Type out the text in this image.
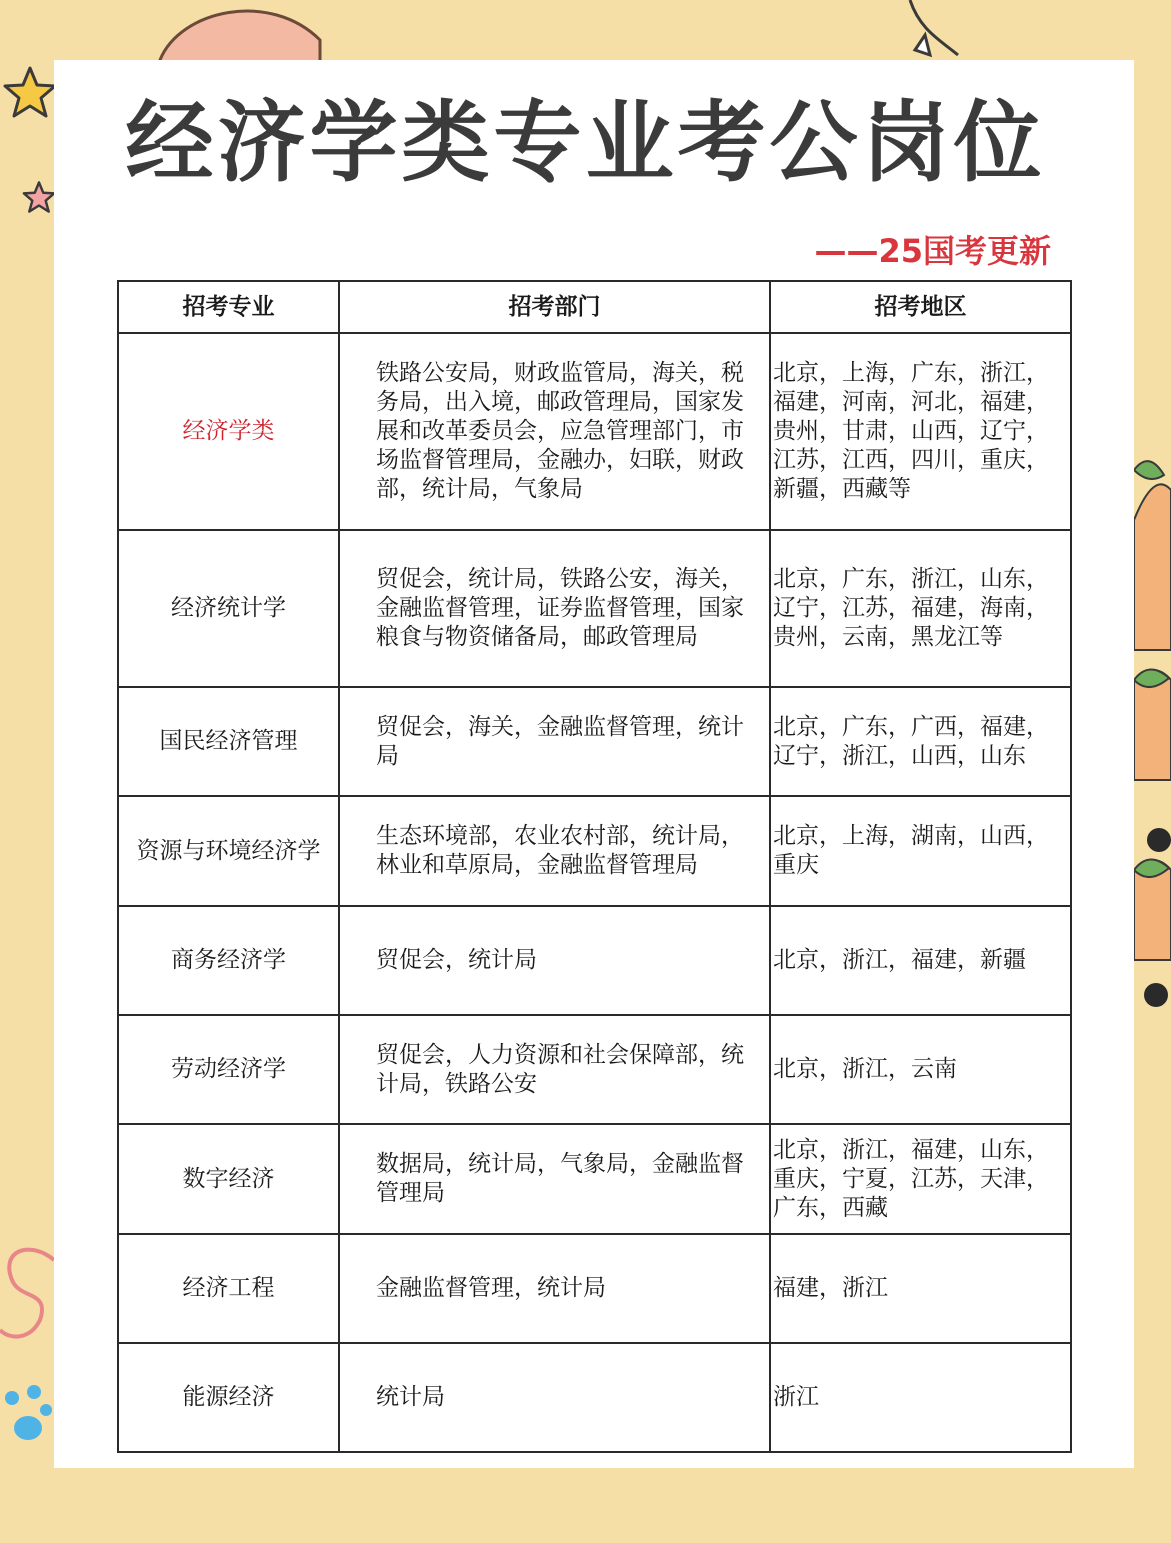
经济学类专业考公岗位
——25国考更新
招考专业	招考部门	招考地区
经济学类	铁路公安局，财政监管局，海关，税务局，出入境，邮政管理局，国家发展和改革委员会，应急管理部门，市场监督管理局，金融办，妇联，财政部，统计局，气象局	北京，上海，广东，浙江，福建，河南，河北，福建，贵州，甘肃，山西，辽宁，江苏，江西，四川，重庆，新疆，西藏等
经济统计学	贸促会，统计局，铁路公安，海关，金融监督管理，证券监督管理，国家粮食与物资储备局，邮政管理局	北京，广东，浙江，山东，辽宁，江苏，福建，海南，贵州，云南，黑龙江等
国民经济管理	贸促会，海关，金融监督管理，统计局	北京，广东，广西，福建，辽宁，浙江，山西，山东
资源与环境经济学	生态环境部，农业农村部，统计局，林业和草原局，金融监督管理局	北京，上海，湖南，山西，重庆
商务经济学	贸促会，统计局	北京，浙江，福建，新疆
劳动经济学	贸促会，人力资源和社会保障部，统计局，铁路公安	北京，浙江，云南
数字经济	数据局，统计局，气象局，金融监督管理局	北京，浙江，福建，山东，重庆，宁夏，江苏，天津，广东，西藏
经济工程	金融监督管理，统计局	福建，浙江
能源经济	统计局	浙江
